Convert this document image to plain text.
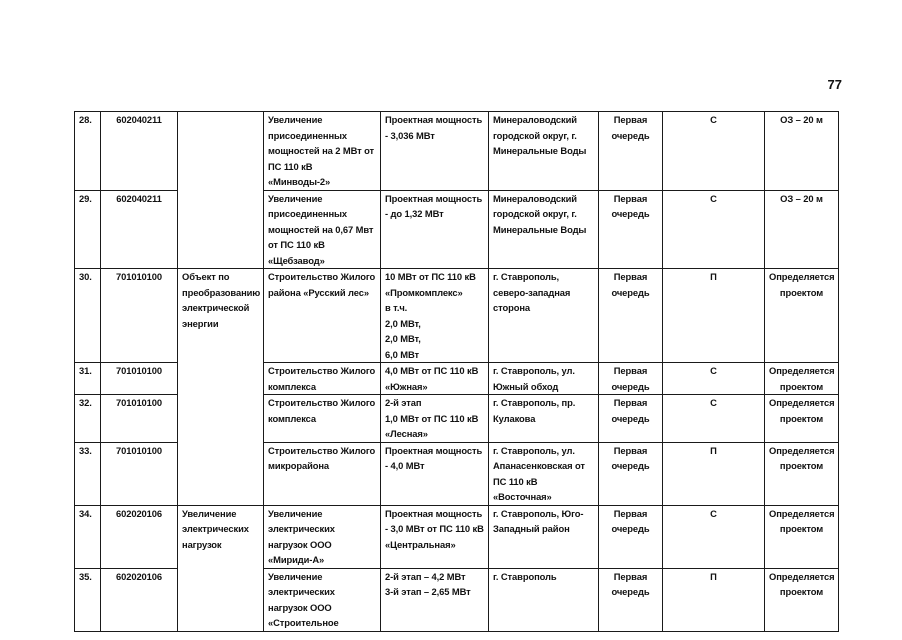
77
28.	602040211		Увеличение присоединенных мощностей на 2 МВт от ПС 110 кВ «Минводы-2»	Проектная мощность - 3,036 МВт	Минераловодский городской округ, г. Минеральные Воды	Первая очередь	С	ОЗ – 20 м
29.	602040211		Увеличение присоединенных мощностей на 0,67 Мвт от ПС 110 кВ «Щебзавод»	Проектная мощность - до 1,32 МВт	Минераловодский городской округ, г. Минеральные Воды	Первая очередь	С	ОЗ – 20 м
30.	701010100	Объект по преобразованию электрической энергии	Строительство Жилого района «Русский лес»	10 МВт от ПС 110 кВ «Промкомплекс»
в т.ч.
2,0 МВт,
2,0 МВт,
6,0 МВт	г. Ставрополь, северо-западная сторона	Первая очередь	П	Определяется проектом
31.	701010100		Строительство Жилого комплекса	4,0 МВт от ПС 110 кВ «Южная»	г. Ставрополь, ул. Южный обход	Первая очередь	С	Определяется проектом
32.	701010100		Строительство Жилого комплекса	2-й этап
1,0 МВт от ПС 110 кВ «Лесная»	г. Ставрополь, пр. Кулакова	Первая очередь	С	Определяется проектом
33.	701010100		Строительство Жилого микрорайона	Проектная мощность - 4,0 МВт	г. Ставрополь, ул. Апанасенковская от ПС 110 кВ «Восточная»	Первая очередь	П	Определяется проектом
34.	602020106	Увеличение электрических нагрузок	Увеличение электрических нагрузок ООО «Мириди-А»	Проектная мощность - 3,0 МВт от ПС 110 кВ «Центральная»	г. Ставрополь, Юго-Западный район	Первая очередь	С	Определяется проектом
35.	602020106		Увеличение электрических нагрузок ООО «Строительное	2-й этап – 4,2 МВт
3-й этап – 2,65 МВт	г. Ставрополь	Первая очередь	П	Определяется проектом
